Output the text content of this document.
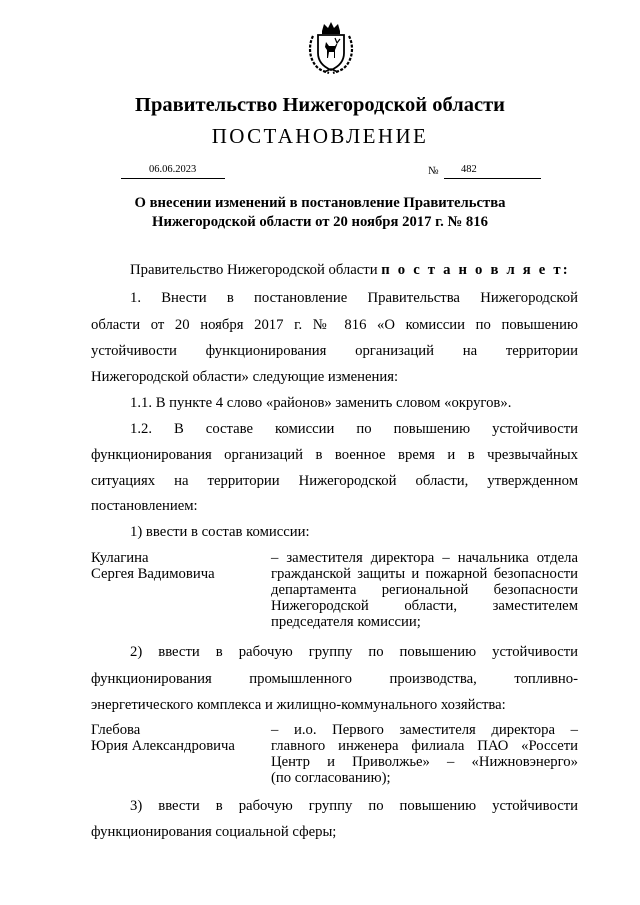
Правительство Нижегородской области
ПОСТАНОВЛЕНИЕ
06.06.2023	№ 482
О внесении изменений в постановление Правительства
Нижегородской области от 20 ноября 2017 г. № 816
Правительство Нижегородской области п о с т а н о в л я е т:
1. Внести в постановление Правительства Нижегородской
области от 20 ноября 2017 г. № 816 «О комиссии по повышению
устойчивости функционирования организаций на территории
Нижегородской области» следующие изменения:
1.1. В пункте 4 слово «районов» заменить словом «округов».
1.2. В составе комиссии по повышению устойчивости
функционирования организаций в военное время и в чрезвычайных
ситуациях на территории Нижегородской области, утвержденном
постановлением:
1) ввести в состав комиссии:
Кулагина
Сергея Вадимовича
– заместителя директора – начальника отдела
гражданской защиты и пожарной безопасности
департамента региональной безопасности
Нижегородской области, заместителем
председателя комиссии;
2) ввести в рабочую группу по повышению устойчивости
функционирования промышленного производства, топливно-
энергетического комплекса и жилищно-коммунального хозяйства:
Глебова
Юрия Александровича
– и.о. Первого заместителя директора –
главного инженера филиала ПАО «Россети
Центр и Приволжье» – «Нижновэнерго»
(по согласованию);
3) ввести в рабочую группу по повышению устойчивости
функционирования социальной сферы;
